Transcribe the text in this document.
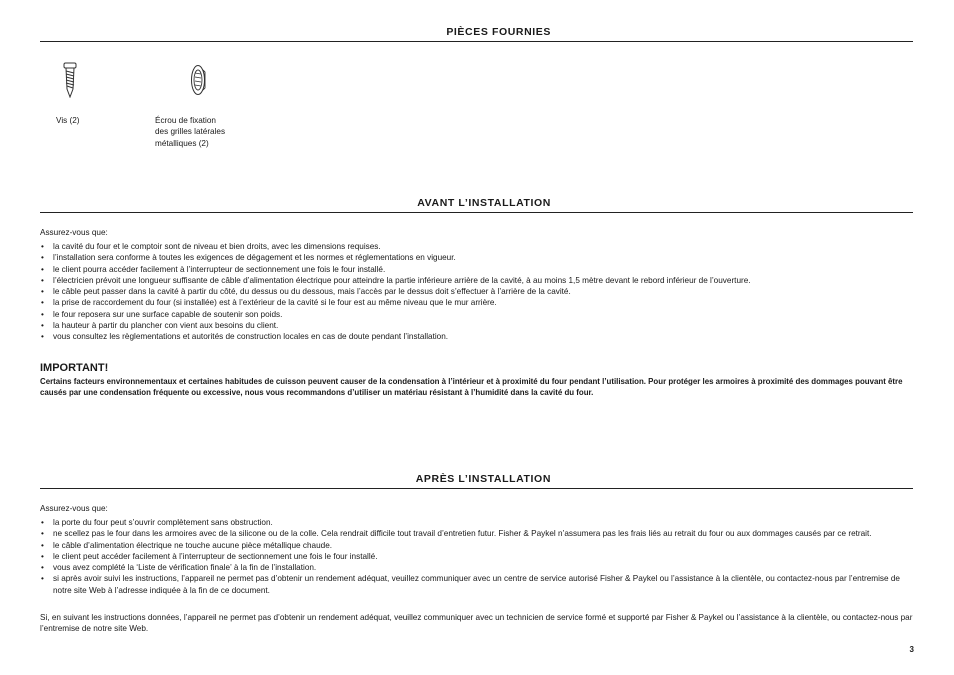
PIÈCES FOURNIES
Vis (2)	Écrou de fixation
des grilles latérales
métalliques (2)
AVANT L’INSTALLATION
Assurez-vous que:
• la cavité du four et le comptoir sont de niveau et bien droits, avec les dimensions requises.
• l’installation sera conforme à toutes les exigences de dégagement et les normes et réglementations en vigueur.
• le client pourra accéder facilement à l’interrupteur de sectionnement une fois le four installé.
• l’électricien prévoit une longueur suffisante de câble d’alimentation électrique pour atteindre la partie inférieure arrière de la cavité, à au moins 1,5 mètre devant le rebord inférieur de l’ouverture.
• le câble peut passer dans la cavité à partir du côté, du dessus ou du dessous, mais l’accès par le dessus doit s’effectuer à l’arrière de la cavité.
• la prise de raccordement du four (si installée) est à l’extérieur de la cavité si le four est au même niveau que le mur arrière.
• le four reposera sur une surface capable de soutenir son poids.
• la hauteur à partir du plancher con vient aux besoins du client.
• vous consultez les règlementations et autorités de construction locales en cas de doute pendant l’installation.
IMPORTANT!
Certains facteurs environnementaux et certaines habitudes de cuisson peuvent causer de la condensation à l’intérieur et à proximité du four pendant l’utilisation. Pour protéger les armoires à proximité des dommages pouvant être causés par une condensation fréquente ou excessive, nous vous recommandons d’utiliser un matériau résistant à l’humidité dans la cavité du four.
APRÈS L’INSTALLATION
Assurez-vous que:
• la porte du four peut s’ouvrir complètement sans obstruction.
• ne scellez pas le four dans les armoires avec de la silicone ou de la colle. Cela rendrait difficile tout travail d’entretien futur. Fisher & Paykel n’assumera pas les frais liés au retrait du four ou aux dommages causés par ce retrait.
• le câble d’alimentation électrique ne touche aucune pièce métallique chaude.
• le client peut accéder facilement à l’interrupteur de sectionnement une fois le four installé.
• vous avez complété la ‘Liste de vérification finale’ à la fin de l’installation.
• si après avoir suivi les instructions, l’appareil ne permet pas d’obtenir un rendement adéquat, veuillez communiquer avec un centre de service autorisé Fisher & Paykel ou l’assistance à la clientèle, ou contactez-nous par l’entremise de notre site Web à l’adresse indiquée à la fin de ce document.
Si, en suivant les instructions données, l’appareil ne permet pas d’obtenir un rendement adéquat, veuillez communiquer avec un technicien de service formé et supporté par Fisher & Paykel ou l’assistance à la clientèle, ou contactez-nous par l’entremise de notre site Web.
3
